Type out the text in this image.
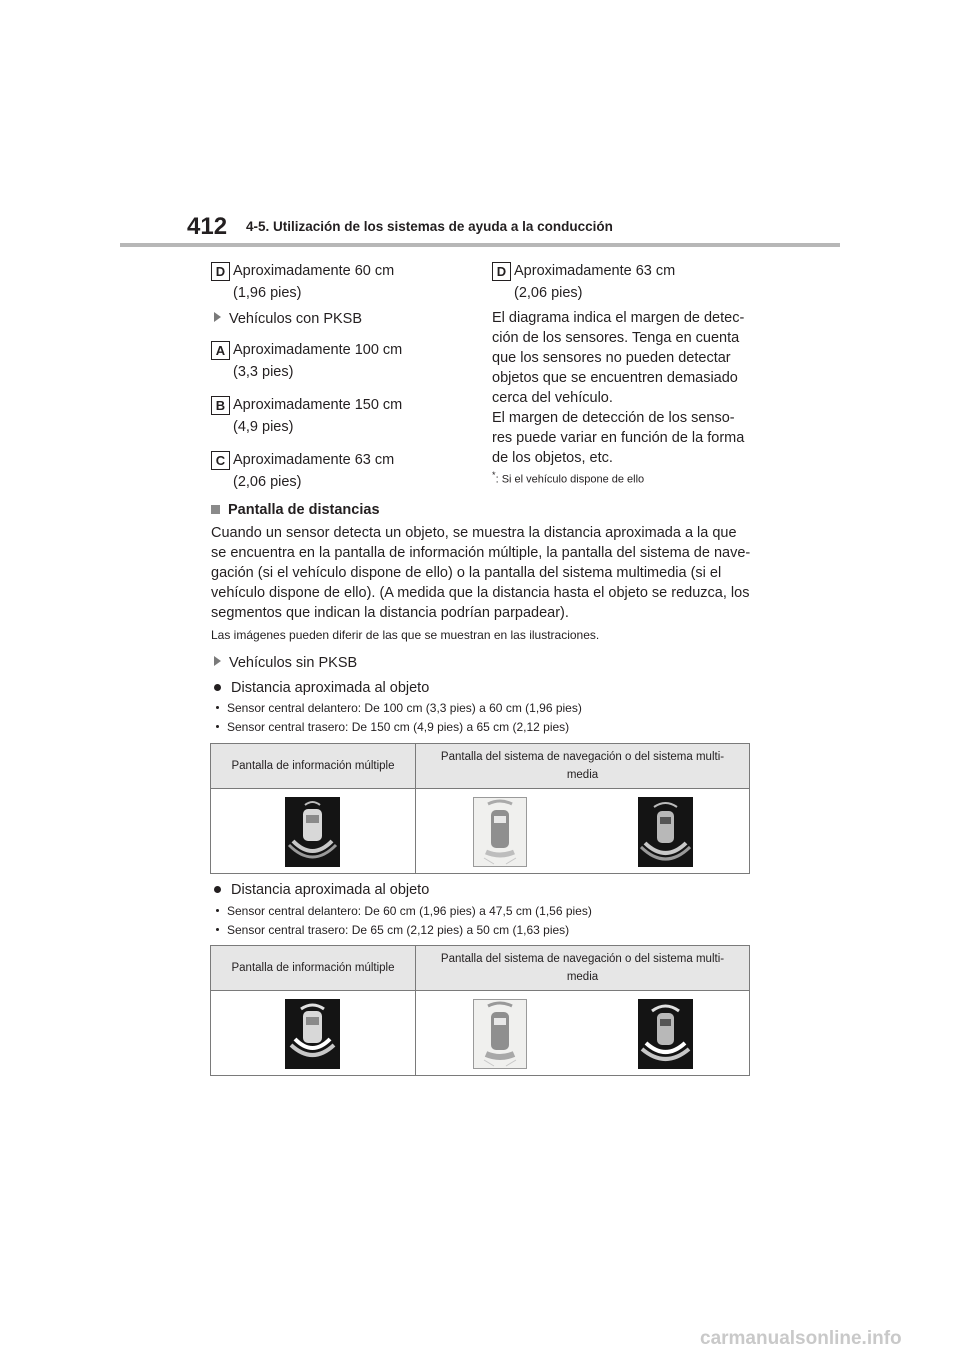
412 4-5. Utilización de los sistemas de ayuda a la conducción
D Aproximadamente 60 cm
(1,96 pies)
Vehículos con PKSB
A Aproximadamente 100 cm
(3,3 pies)
B Aproximadamente 150 cm
(4,9 pies)
C Aproximadamente 63 cm
(2,06 pies)
D Aproximadamente 63 cm
(2,06 pies)
El diagrama indica el margen de detec-
ción de los sensores. Tenga en cuenta
que los sensores no pueden detectar
objetos que se encuentren demasiado
cerca del vehículo.
El margen de detección de los senso-
res puede variar en función de la forma
de los objetos, etc.
*: Si el vehículo dispone de ello
Pantalla de distancias
Cuando un sensor detecta un objeto, se muestra la distancia aproximada a la que
se encuentra en la pantalla de información múltiple, la pantalla del sistema de nave-
gación (si el vehículo dispone de ello) o la pantalla del sistema multimedia (si el
vehículo dispone de ello). (A medida que la distancia hasta el objeto se reduzca, los
segmentos que indican la distancia podrían parpadear).
Las imágenes pueden diferir de las que se muestran en las ilustraciones.
Vehículos sin PKSB
Distancia aproximada al objeto
Sensor central delantero: De 100 cm (3,3 pies) a 60 cm (1,96 pies)
Sensor central trasero: De 150 cm (4,9 pies) a 65 cm (2,12 pies)
Pantalla de información múltiple	Pantalla del sistema de navegación o del sistema multi-
media

Distancia aproximada al objeto
Sensor central delantero: De 60 cm (1,96 pies) a 47,5 cm (1,56 pies)
Sensor central trasero: De 65 cm (2,12 pies) a 50 cm (1,63 pies)
Pantalla de información múltiple	Pantalla del sistema de navegación o del sistema multi-
media

carmanualsonline.info
